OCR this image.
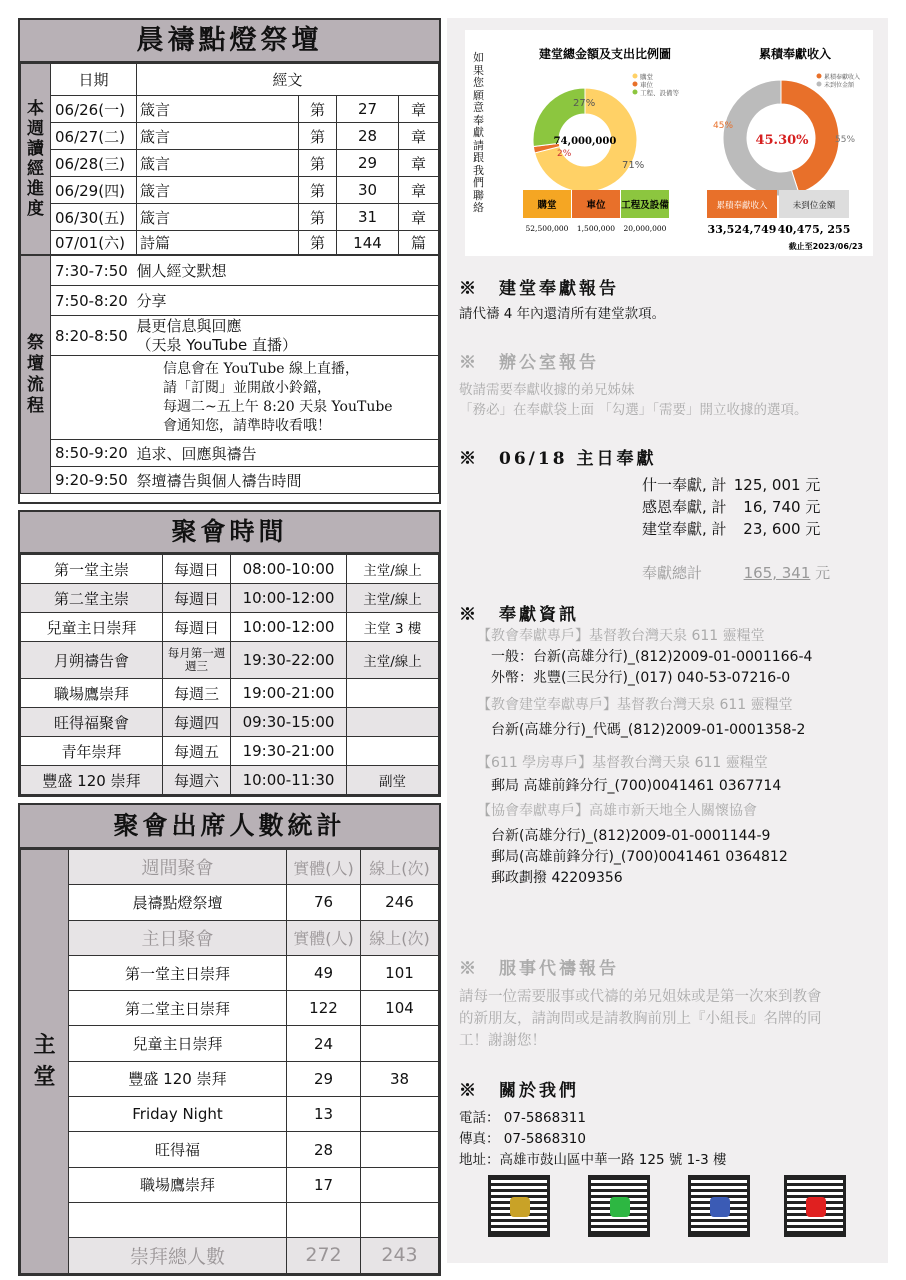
晨禱點燈祭壇
本週讀經進度	日期	經文			
	06/26(一)	箴言	第	27	章
	06/27(二)	箴言	第	28	章
	06/28(三)	箴言	第	29	章
	06/29(四)	箴言	第	30	章
	06/30(五)	箴言	第	31	章
	07/01(六)	詩篇	第	144	篇
祭壇流程	7:30-7:50	個人經文默想
	7:50-8:20	分享
	8:20-8:50	晨更信息與回應
（天泉 YouTube 直播）

	信息會在 YouTube 線上直播，
請「訂閱」並開啟小鈴鐺，
每週二~五上午 8:20 天泉 YouTube
會通知您，請準時收看哦！	

	8:50-9:20	追求、回應與禱告
	9:20-9:50	祭壇禱告與個人禱告時間
聚會時間
第一堂主崇	每週日	08:00-10:00	主堂/線上
第二堂主崇	每週日	10:00-12:00	主堂/線上
兒童主日崇拜	每週日	10:00-12:00	主堂 3 樓
月朔禱告會	每月第一週週三	19:30-22:00	主堂/線上
職場鷹崇拜	每週三	19:00-21:00	
旺得福聚會	每週四	09:30-15:00	
青年崇拜	每週五	19:30-21:00	
豐盛 120 崇拜	每週六	10:00-11:30	副堂
聚會出席人數統計
主堂	週間聚會	實體(人)	線上(次)
	晨禱點燈祭壇	76	246
	主日聚會	實體(人)	線上(次)
	第一堂主日崇拜	49	101
	第二堂主日崇拜	122	104
	兒童主日崇拜	24	
	豐盛 120 崇拜	29	38
	Friday Night	13	
	旺得福	28	
	職場鷹崇拜	17	

	崇拜總人數	272	243
如果您願意奉獻請跟我們聯絡
建堂總金額及支出比例圖	累積奉獻收入
74,000,000
27%
2%
71%
購堂
車位
工程、設備等
45.30%
45%
55%
累積奉獻收入
未到位金額
購堂
52,500,000
車位
1,500,000
工程及設備
20,000,000
累積奉獻收入
33,524,749
未到位金額
40,475, 255
截止至2023/06/23
※　建堂奉獻報告
請代禱 4 年內還清所有建堂款項。
※　辦公室報告
敬請需要奉獻收據的弟兄姊妹
「務必」在奉獻袋上面 「勾選」「需要」開立收據的選項。
※　06/18 主日奉獻
什一奉獻, 計 125, 001 元
感恩奉獻, 計 16, 740 元
建堂奉獻, 計 23, 600 元
奉獻總計	165, 341 元
※　奉獻資訊
【教會奉獻專戶】基督教台灣天泉 611 靈糧堂
一般：台新(高雄分行)_(812)2009-01-0001166-4
外幣：兆豐(三民分行)_(017) 040-53-07216-0
【教會建堂奉獻專戶】基督教台灣天泉 611 靈糧堂
台新(高雄分行)_代碼_(812)2009-01-0001358-2
【611 學房專戶】基督教台灣天泉 611 靈糧堂
郵局 高雄前鋒分行_(700)0041461 0367714
【協會奉獻專戶】高雄市新天地全人關懷協會
台新(高雄分行)_(812)2009-01-0001144-9
郵局(高雄前鋒分行)_(700)0041461 0364812
郵政劃撥 42209356
※　服事代禱報告
請每一位需要服事或代禱的弟兄姐妹或是第一次來到教會
的新朋友，請詢問或是請教胸前別上『小組長』名牌的同
工！謝謝您！
※　關於我們
電話： 07-5868311
傳真： 07-5868310
地址：高雄市鼓山區中華一路 125 號 1-3 樓
